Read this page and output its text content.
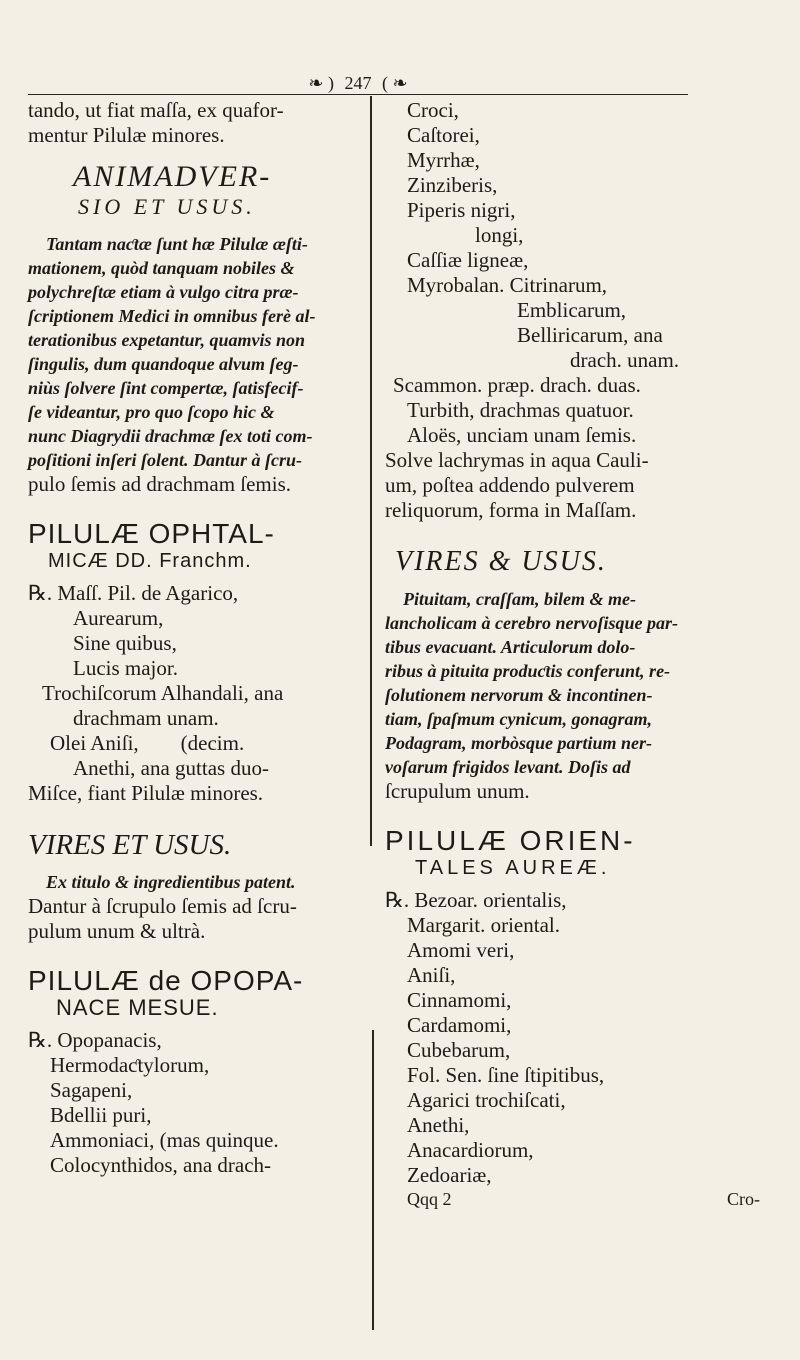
❧ ) 247 ( ❧

tando, ut fiat maſſa, ex quafor-

mentur Pilulæ minores.

ANIMADVER-

SIO ET USUS.

Tantam naƈtæ ſunt hæ Pilulæ æſti-

mationem, quòd tanquam nobiles &

polychreſtæ etiam à vulgo citra præ-

ſcriptionem Medici in omnibus ferè al-

terationibus expetantur, quamvis non

ſingulis, dum quandoque alvum ſeg-

niùs ſolvere ſint compertæ, ſatisfecif-

ſe videantur, pro quo ſcopo hic &

nunc Diagrydii drachmæ ſex toti com-

poſitioni inſeri ſolent. Dantur à ſcru-

pulo ſemis ad drachmam ſemis.

PILULÆ OPHTAL-

MICÆ DD. Franchm.

℞. Maſſ. Pil. de Agarico,

Aurearum,

Sine quibus,

Lucis major.

Trochiſcorum Alhandali, ana

drachmam unam.

Olei Aniſi,        (decim.

Anethi, ana guttas duo-

Miſce, fiant Pilulæ minores.

VIRES ET USUS.

Ex titulo & ingredientibus patent.

Dantur à ſcrupulo ſemis ad ſcru-

pulum unum & ultrà.

PILULÆ de OPOPA-

NACE MESUE.

℞. Opopanacis,

Hermodaƈtylorum,

Sagapeni,

Bdellii puri,

Ammoniaci, (mas quinque.

Colocynthidos, ana drach-

Croci,

Caſtorei,

Myrrhæ,

Zinziberis,

Piperis nigri,

longi,

Caſſiæ ligneæ,

Myrobalan. Citrinarum,

Emblicarum,

Belliricarum, ana

drach. unam.

Scammon. præp. drach. duas.

Turbith, drachmas quatuor.

Aloës, unciam unam ſemis.

Solve lachrymas in aqua Cauli-

um, poſtea addendo pulverem

reliquorum, forma in Maſſam.

VIRES & USUS.

Pituitam, craſſam, bilem & me-

lancholicam à cerebro nervoſisque par-

tibus evacuant. Articulorum dolo-

ribus à pituita produƈtis conferunt, re-

ſolutionem nervorum & incontinen-

tiam, ſpaſmum cynicum, gonagram,

Podagram, morbòsque partium ner-

voſarum frigidos levant. Doſis ad

ſcrupulum unum.

PILULÆ ORIEN-

TALES AUREÆ.

℞. Bezoar. orientalis,

Margarit. oriental.

Amomi veri,

Aniſi,

Cinnamomi,

Cardamomi,

Cubebarum,

Fol. Sen. ſine ſtipitibus,

Agarici trochiſcati,

Anethi,

Anacardiorum,

Zedoariæ,

Qqq 2	Cro-
